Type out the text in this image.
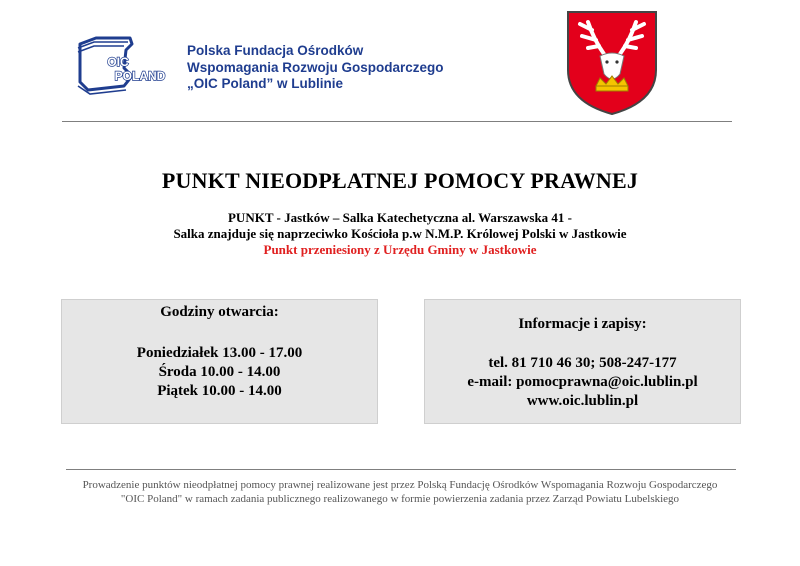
OIC
POLAND
Polska Fundacja Ośrodków
Wspomagania Rozwoju Gospodarczego
„OIC Poland” w Lublinie
PUNKT NIEODPŁATNEJ POMOCY PRAWNEJ
PUNKT - Jastków – Salka Katechetyczna al. Warszawska 41 -
Salka znajduje się naprzeciwko Kościoła p.w N.M.P. Królowej Polski w Jastkowie
Punkt przeniesiony z Urzędu Gminy w Jastkowie
Godziny otwarcia:
Poniedziałek 13.00 - 17.00
Środa 10.00 - 14.00
Piątek 10.00 - 14.00
Informacje i zapisy:
tel. 81 710 46 30; 508-247-177
e-mail: pomocprawna@oic.lublin.pl
www.oic.lublin.pl
Prowadzenie punktów nieodpłatnej pomocy prawnej realizowane jest przez Polską Fundację Ośrodków Wspomagania Rozwoju Gospodarczego
"OIC Poland" w ramach zadania publicznego realizowanego w formie powierzenia zadania przez Zarząd Powiatu Lubelskiego
